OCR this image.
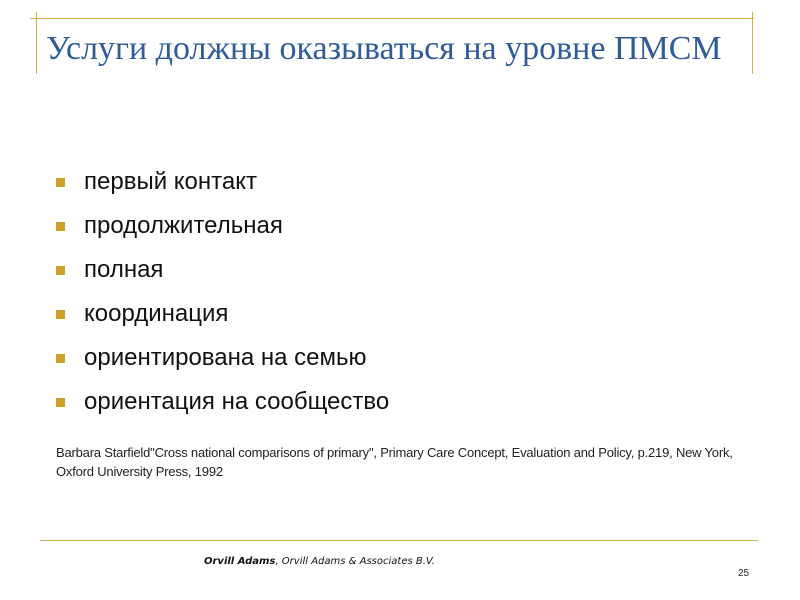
Услуги должны оказываться на уровне ПМСМ
первый контакт
продолжительная
полная
координация
ориентирована на семью
ориентация на сообщество

Barbara Starfield"Cross national comparisons of primary", Primary Care Concept, Evaluation and Policy, p.219, New York, Oxford University Press, 1992

Orvill Adams, Orvill Adams & Associates B.V.
25
